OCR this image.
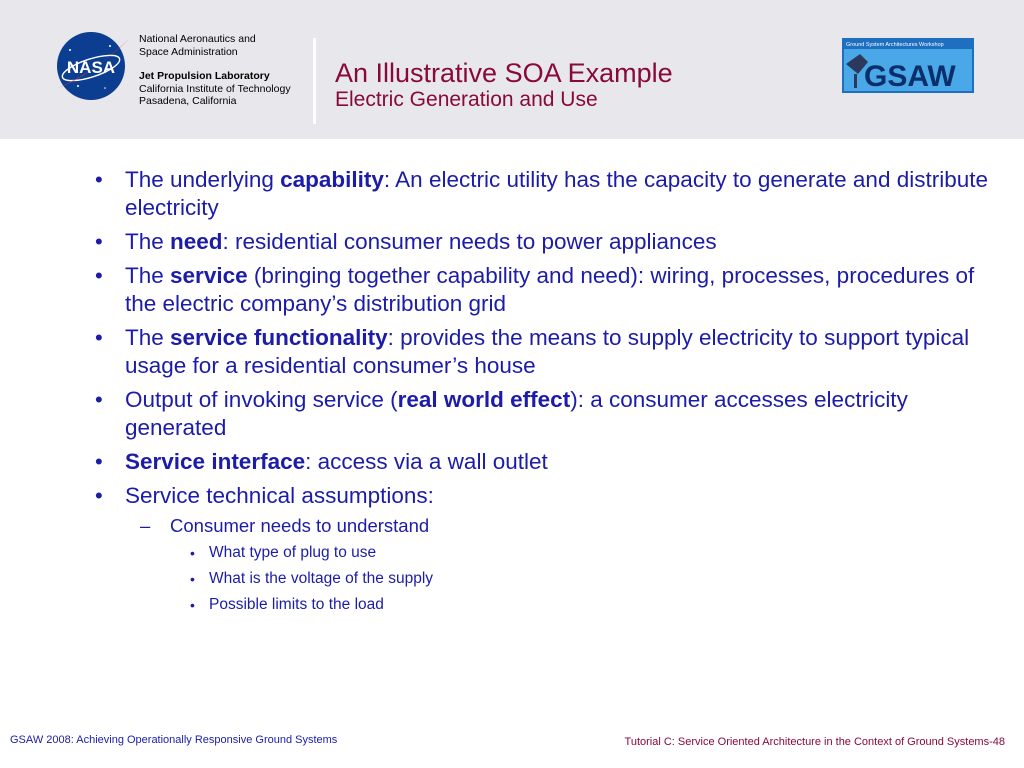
NASA
National Aeronautics and
Space Administration
Jet Propulsion Laboratory
California Institute of Technology
Pasadena, California
An Illustrative SOA Example
Electric Generation and Use
Ground System Architectures Workshop
GSAW
• The underlying capability: An electric utility has the capacity to generate and distribute electricity
• The need: residential consumer needs to power appliances
• The service (bringing together capability and need): wiring, processes, procedures of the electric company’s distribution grid
• The service functionality: provides the means to supply electricity to support typical usage for a residential consumer’s house
• Output of invoking service (real world effect): a consumer accesses electricity generated
• Service interface: access via a wall outlet
• Service technical assumptions:
– Consumer needs to understand
• What type of plug to use
• What is the voltage of the supply
• Possible limits to the load
GSAW 2008: Achieving Operationally Responsive Ground Systems	Tutorial C: Service Oriented Architecture in the Context of Ground Systems-48
